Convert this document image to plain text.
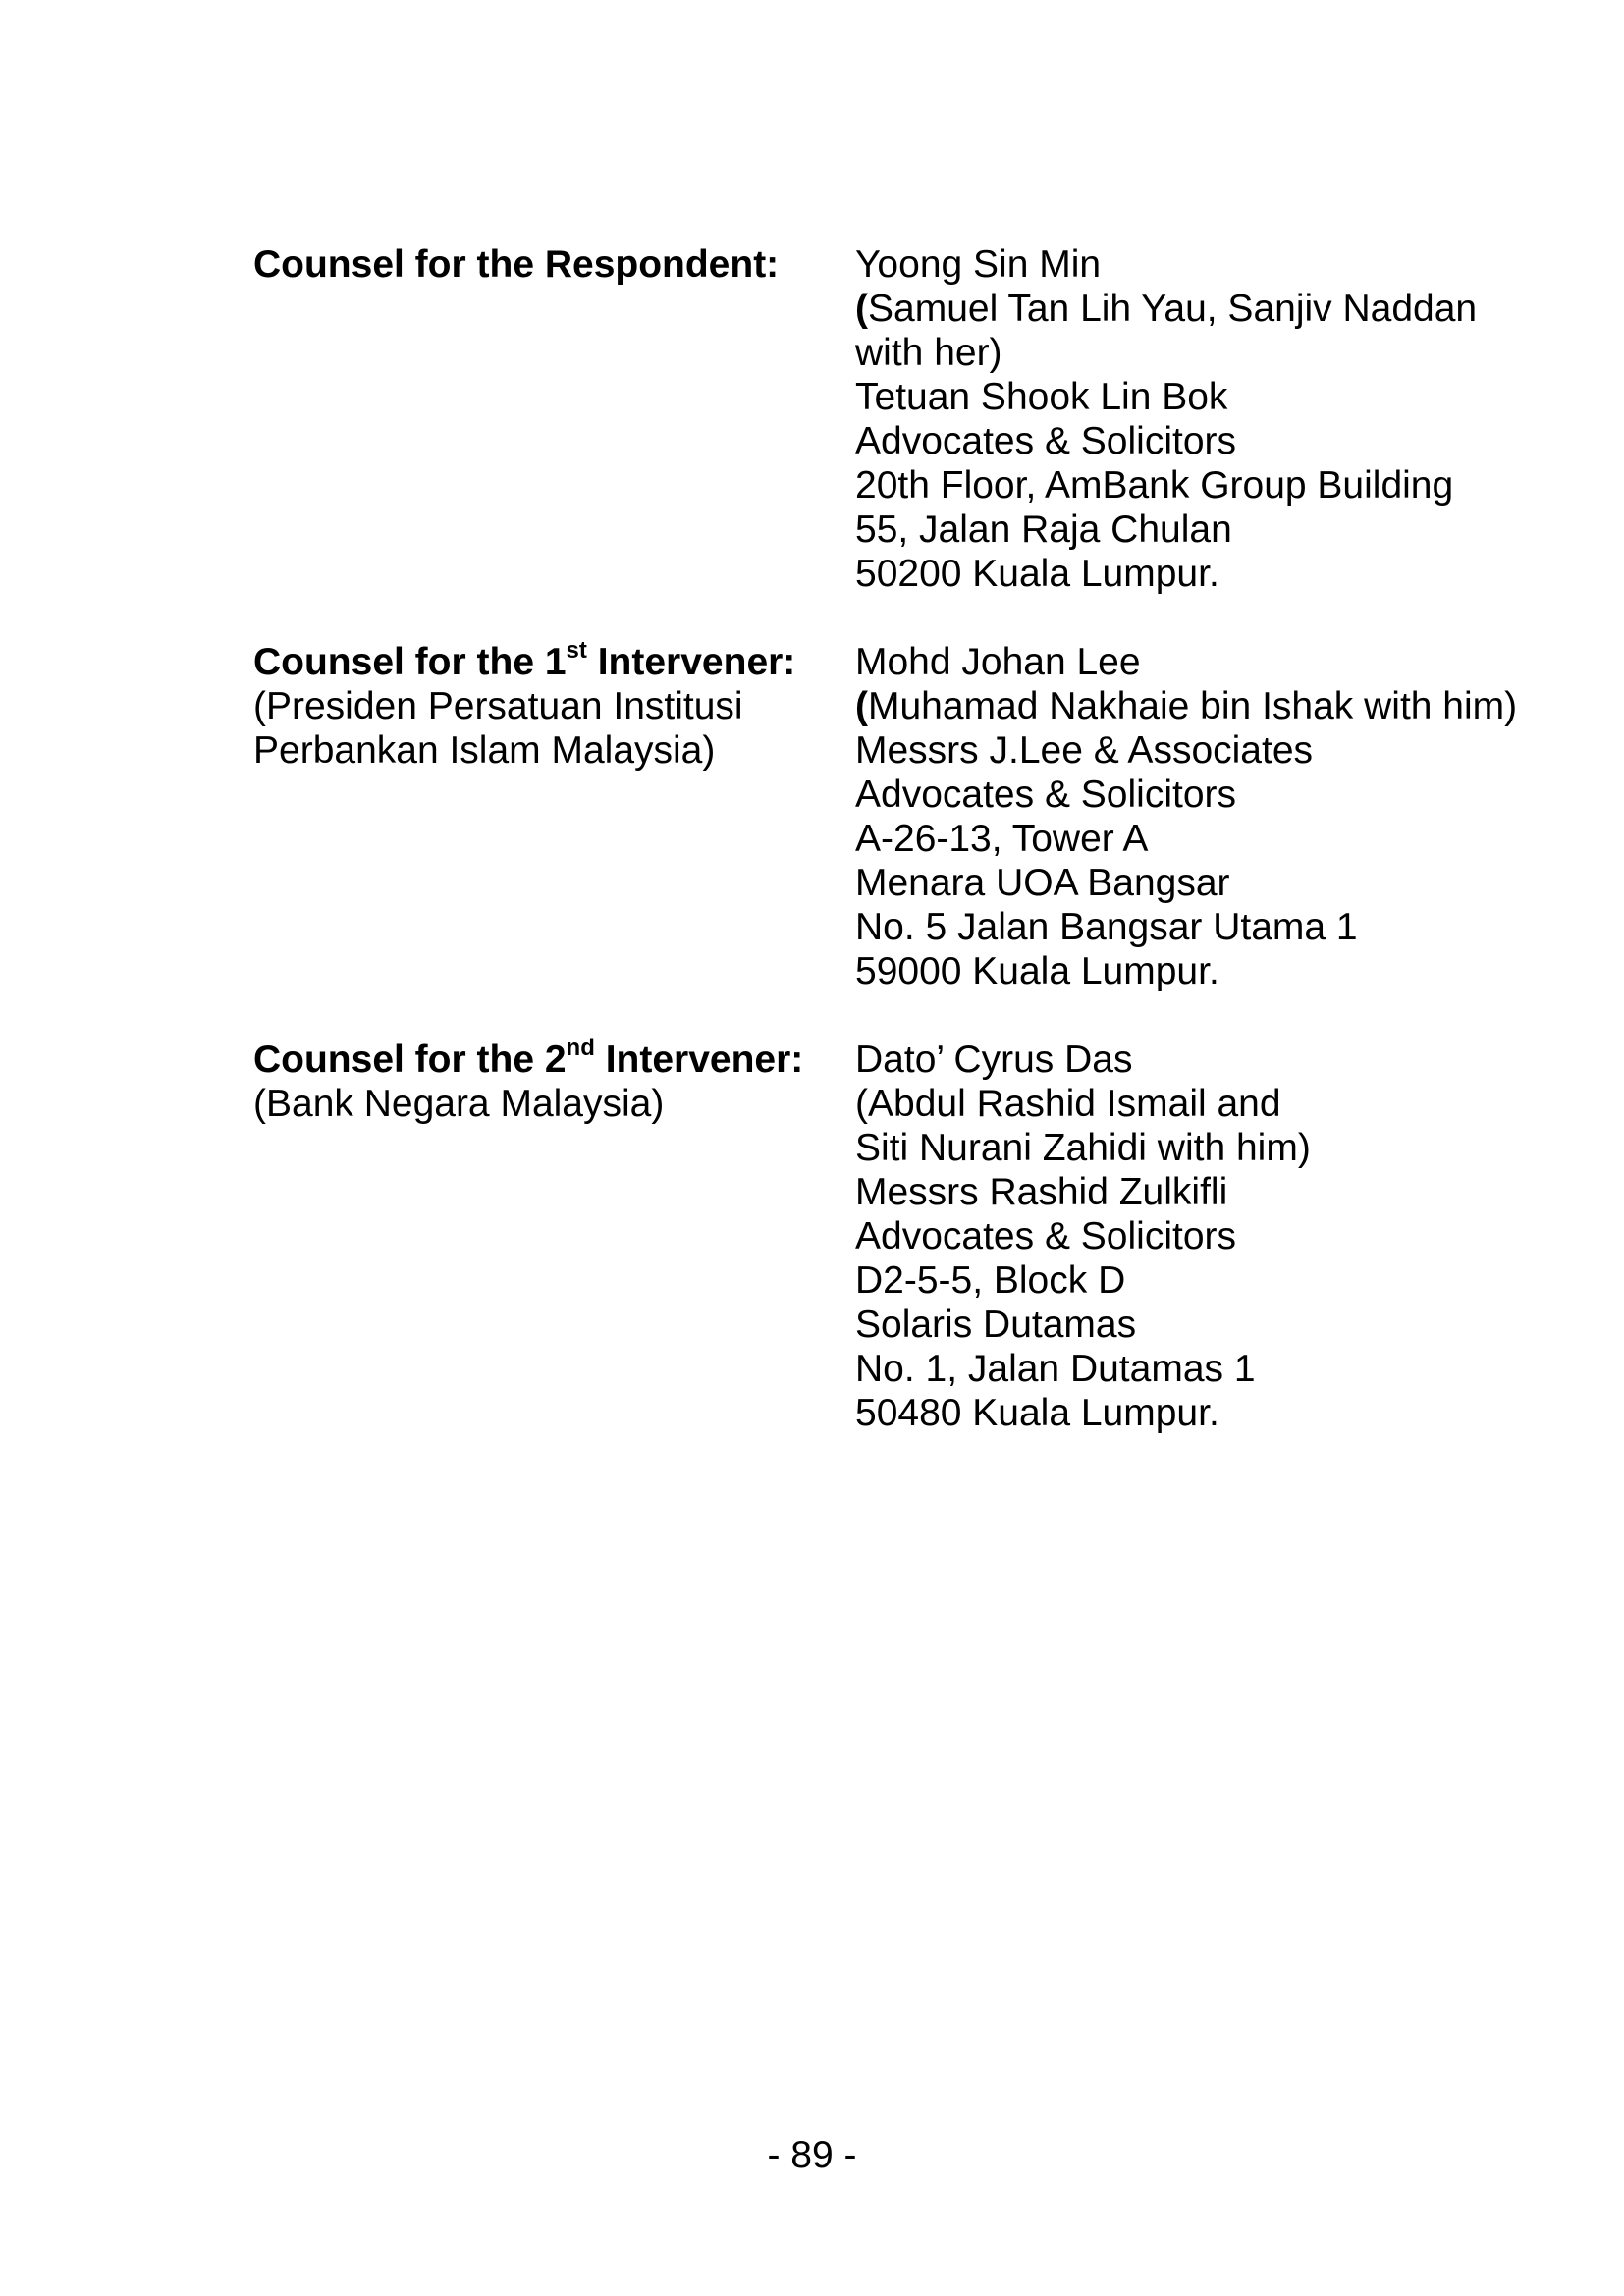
Counsel for the Respondent:	Yoong Sin Min
(Samuel Tan Lih Yau, Sanjiv Naddan
with her)
Tetuan Shook Lin Bok
Advocates & Solicitors
20th Floor, AmBank Group Building
55, Jalan Raja Chulan
50200 Kuala Lumpur.
Counsel for the 1st Intervener:
(Presiden Persatuan Institusi
Perbankan Islam Malaysia)
Mohd Johan Lee
(Muhamad Nakhaie bin Ishak with him)
Messrs J.Lee & Associates
Advocates & Solicitors
A-26-13, Tower A
Menara UOA Bangsar
No. 5 Jalan Bangsar Utama 1
59000 Kuala Lumpur.
Counsel for the 2nd Intervener:
(Bank Negara Malaysia)
Dato’ Cyrus Das
(Abdul Rashid Ismail and
Siti Nurani Zahidi with him)
Messrs Rashid Zulkifli
Advocates & Solicitors
D2-5-5, Block D
Solaris Dutamas
No. 1, Jalan Dutamas 1
50480 Kuala Lumpur.
- 89 -
